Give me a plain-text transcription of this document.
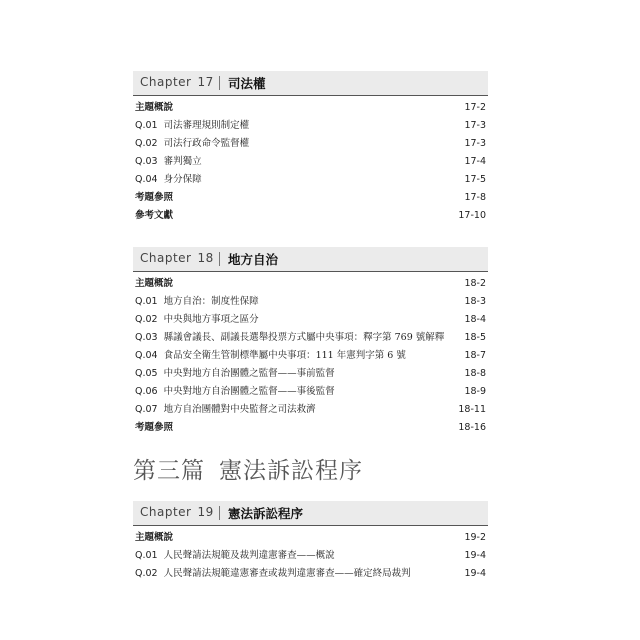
Chapter 17 司法權
主題概說	17-2
Q.01 司法審理規則制定權	17-3
Q.02 司法行政命令監督權	17-3
Q.03 審判獨立	17-4
Q.04 身分保障	17-5
考題參照	17-8
參考文獻	17-10
Chapter 18 地方自治
主題概說	18-2
Q.01 地方自治：制度性保障	18-3
Q.02 中央與地方事項之區分	18-4
Q.03 縣議會議長、副議長選舉投票方式屬中央事項：釋字第 769 號解釋 18-5
Q.04 食品安全衛生管制標準屬中央事項：111 年憲判字第 6 號	18-7
Q.05 中央對地方自治團體之監督——事前監督	18-8
Q.06 中央對地方自治團體之監督——事後監督	18-9
Q.07 地方自治團體對中央監督之司法救濟	18-11
考題參照	18-16
第三篇 憲法訴訟程序
Chapter 19 憲法訴訟程序
主題概說	19-2
Q.01 人民聲請法規範及裁判違憲審查——概說	19-4
Q.02 人民聲請法規範違憲審查或裁判違憲審查——確定終局裁判	19-4
